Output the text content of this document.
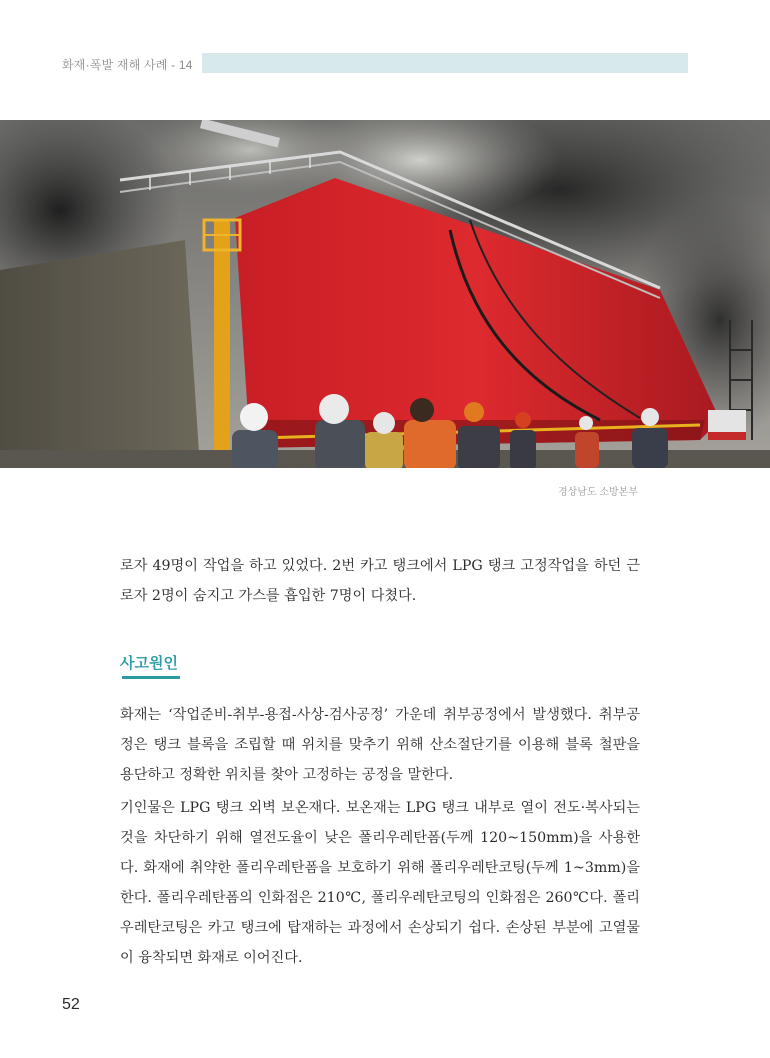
화재·폭발 재해 사례 - 14
경상남도 소방본부

로자 49명이 작업을 하고 있었다. 2번 카고 탱크에서 LPG 탱크 고정작업을 하던 근로자 2명이 숨지고 가스를 흡입한 7명이 다쳤다.

사고원인

화재는 ‘작업준비-취부-용접-사상-검사공정’ 가운데 취부공정에서 발생했다. 취부공정은 탱크 블록을 조립할 때 위치를 맞추기 위해 산소절단기를 이용해 블록 철판을 용단하고 정확한 위치를 찾아 고정하는 공정을 말한다.

기인물은 LPG 탱크 외벽 보온재다. 보온재는 LPG 탱크 내부로 열이 전도·복사되는 것을 차단하기 위해 열전도율이 낮은 폴리우레탄폼(두께 120~150mm)을 사용한다. 화재에 취약한 폴리우레탄폼을 보호하기 위해 폴리우레탄코팅(두께 1~3mm)을 한다. 폴리우레탄폼의 인화점은 210℃, 폴리우레탄코팅의 인화점은 260℃다. 폴리우레탄코팅은 카고 탱크에 탑재하는 과정에서 손상되기 쉽다. 손상된 부분에 고열물이 융착되면 화재로 이어진다.

52
